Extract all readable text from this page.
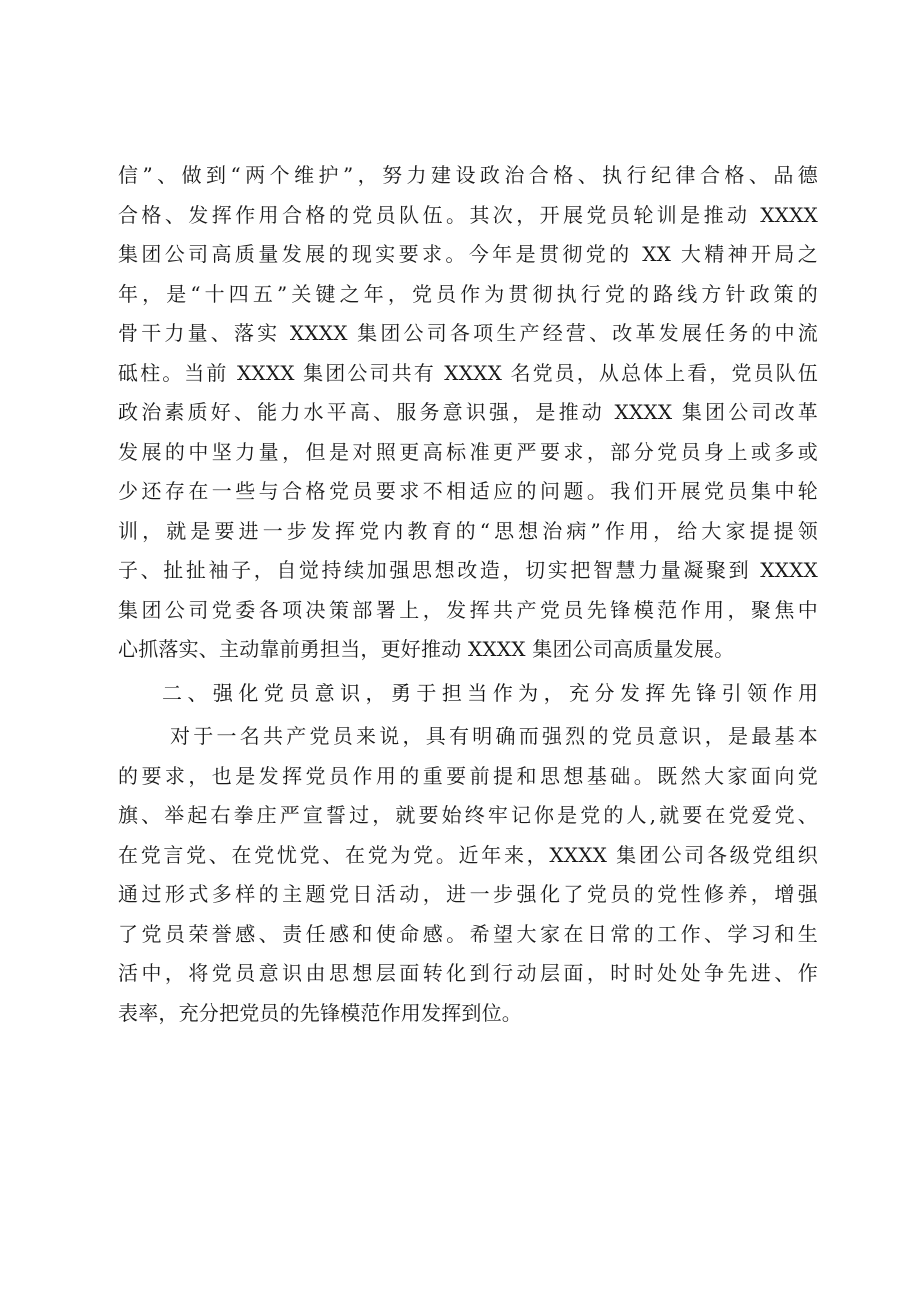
信”、做到“两个维护”，努力建设政治合格、执行纪律合格、品德
合格、发挥作用合格的党员队伍。其次，开展党员轮训是推动 XXXX
集团公司高质量发展的现实要求。今年是贯彻党的 XX 大精神开局之
年，是“十四五”关键之年，党员作为贯彻执行党的路线方针政策的
骨干力量、落实 XXXX 集团公司各项生产经营、改革发展任务的中流
砥柱。当前 XXXX 集团公司共有 XXXX 名党员，从总体上看，党员队伍
政治素质好、能力水平高、服务意识强，是推动 XXXX 集团公司改革
发展的中坚力量，但是对照更高标准更严要求，部分党员身上或多或
少还存在一些与合格党员要求不相适应的问题。我们开展党员集中轮
训，就是要进一步发挥党内教育的“思想治病”作用，给大家提提领
子、扯扯袖子，自觉持续加强思想改造，切实把智慧力量凝聚到 XXXX
集团公司党委各项决策部署上，发挥共产党员先锋模范作用，聚焦中
心抓落实、主动靠前勇担当，更好推动 XXXX 集团公司高质量发展。
二、强化党员意识，勇于担当作为，充分发挥先锋引领作用
对于一名共产党员来说，具有明确而强烈的党员意识，是最基本
的要求，也是发挥党员作用的重要前提和思想基础。既然大家面向党
旗、举起右拳庄严宣誓过，就要始终牢记你是党的人,就要在党爱党、
在党言党、在党忧党、在党为党。近年来，XXXX 集团公司各级党组织
通过形式多样的主题党日活动，进一步强化了党员的党性修养，增强
了党员荣誉感、责任感和使命感。希望大家在日常的工作、学习和生
活中，将党员意识由思想层面转化到行动层面，时时处处争先进、作
表率，充分把党员的先锋模范作用发挥到位。
